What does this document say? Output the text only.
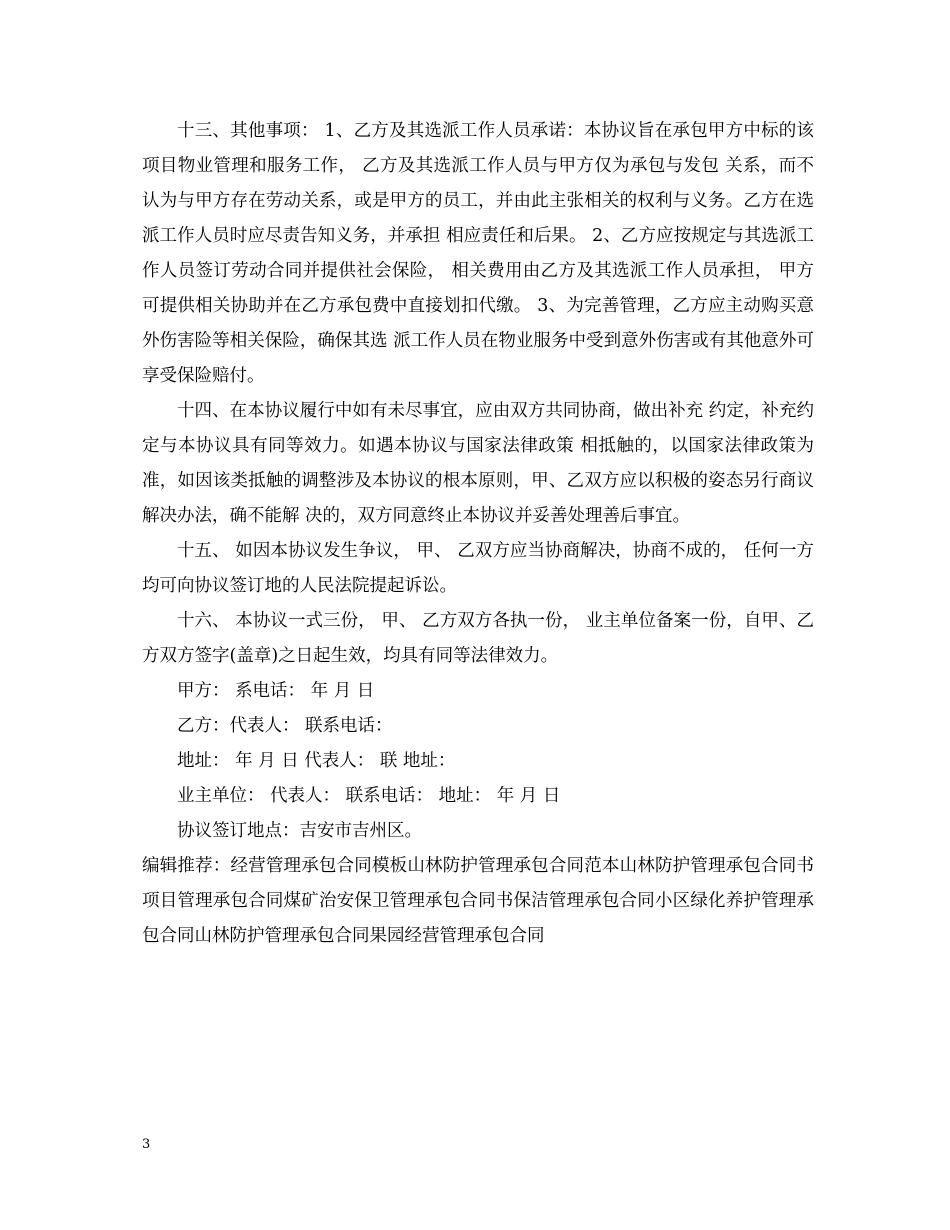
十三、其他事项： 1、乙方及其选派工作人员承诺：本协议旨在承包甲方中标的该项目物业管理和服务工作， 乙方及其选派工作人员与甲方仅为承包与发包 关系，而不认为与甲方存在劳动关系，或是甲方的员工，并由此主张相关的权利与义务。乙方在选派工作人员时应尽责告知义务，并承担 相应责任和后果。 2、乙方应按规定与其选派工作人员签订劳动合同并提供社会保险， 相关费用由乙方及其选派工作人员承担， 甲方可提供相关协助并在乙方承包费中直接划扣代缴。 3、为完善管理，乙方应主动购买意外伤害险等相关保险，确保其选 派工作人员在物业服务中受到意外伤害或有其他意外可享受保险赔付。

十四、在本协议履行中如有未尽事宜，应由双方共同协商，做出补充 约定，补充约定与本协议具有同等效力。如遇本协议与国家法律政策 相抵触的，以国家法律政策为准，如因该类抵触的调整涉及本协议的根本原则，甲、乙双方应以积极的姿态另行商议解决办法，确不能解 决的，双方同意终止本协议并妥善处理善后事宜。

十五、 如因本协议发生争议， 甲、 乙双方应当协商解决，协商不成的， 任何一方均可向协议签订地的人民法院提起诉讼。

十六、 本协议一式三份， 甲、 乙方双方各执一份， 业主单位备案一份，自甲、乙方双方签字(盖章)之日起生效，均具有同等法律效力。

甲方： 系电话： 年 月 日
乙方：代表人： 联系电话：
地址： 年 月 日 代表人： 联 地址：
业主单位： 代表人： 联系电话： 地址： 年 月 日
协议签订地点：吉安市吉州区。

编辑推荐：经营管理承包合同模板山林防护管理承包合同范本山林防护管理承包合同书项目管理承包合同煤矿治安保卫管理承包合同书保洁管理承包合同小区绿化养护管理承包合同山林防护管理承包合同果园经营管理承包合同

3
